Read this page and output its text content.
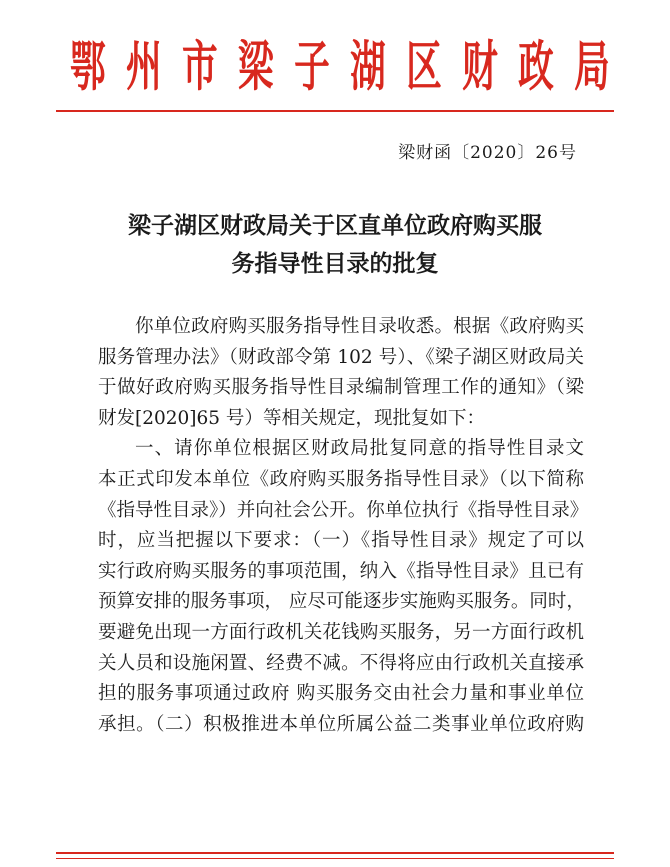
鄂 州 市 梁 子 湖 区 财 政 局
梁财函〔2020〕26号
梁子湖区财政局关于区直单位政府购买服
务指导性目录的批复
你单位政府购买服务指导性目录收悉。根据《政府购买
服务管理办法》（财政部令第 102 号）、《梁子湖区财政局关
于做好政府购买服务指导性目录编制管理工作的通知》（梁
财发[2020]65 号）等相关规定，现批复如下：
一、请你单位根据区财政局批复同意的指导性目录文
本正式印发本单位《政府购买服务指导性目录》（以下简称
《指导性目录》）并向社会公开。你单位执行《指导性目录》
时，应当把握以下要求：（一）《指导性目录》规定了可以
实行政府购买服务的事项范围，纳入《指导性目录》且已有
预算安排的服务事项， 应尽可能逐步实施购买服务。同时，
要避免出现一方面行政机关花钱购买服务，另一方面行政机
关人员和设施闲置、经费不减。不得将应由行政机关直接承
担的服务事项通过政府 购买服务交由社会力量和事业单位
承担。（二）积极推进本单位所属公益二类事业单位政府购
